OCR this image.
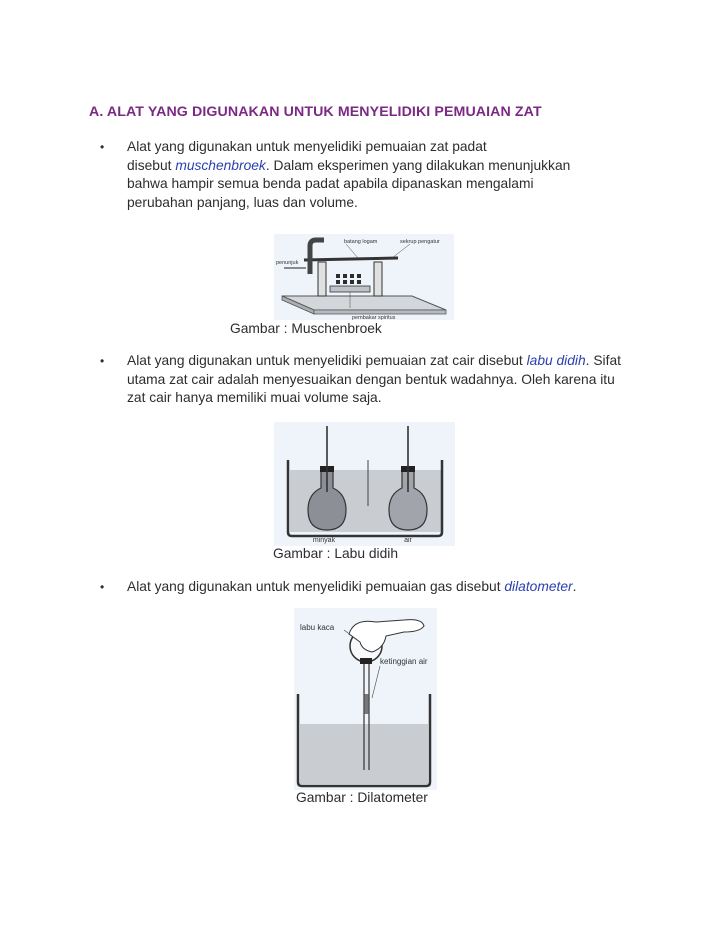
A. ALAT YANG DIGUNAKAN UNTUK MENYELIDIKI PEMUAIAN ZAT
• Alat yang digunakan untuk menyelidiki pemuaian zat padat
disebut muschenbroek. Dalam eksperimen yang dilakukan menunjukkan
bahwa hampir semua benda padat apabila dipanaskan mengalami
perubahan panjang, luas dan volume.
batang logam	sekrup pengatur
penunjuk
pembakar spiritus
Gambar : Muschenbroek
• Alat yang digunakan untuk menyelidiki pemuaian zat cair disebut labu didih. Sifat
utama zat cair adalah menyesuaikan dengan bentuk wadahnya. Oleh karena itu
zat cair hanya memiliki muai volume saja.
minyak	air
Gambar : Labu didih
• Alat yang digunakan untuk menyelidiki pemuaian gas disebut dilatometer.
labu kaca
ketinggian air
Gambar : Dilatometer
